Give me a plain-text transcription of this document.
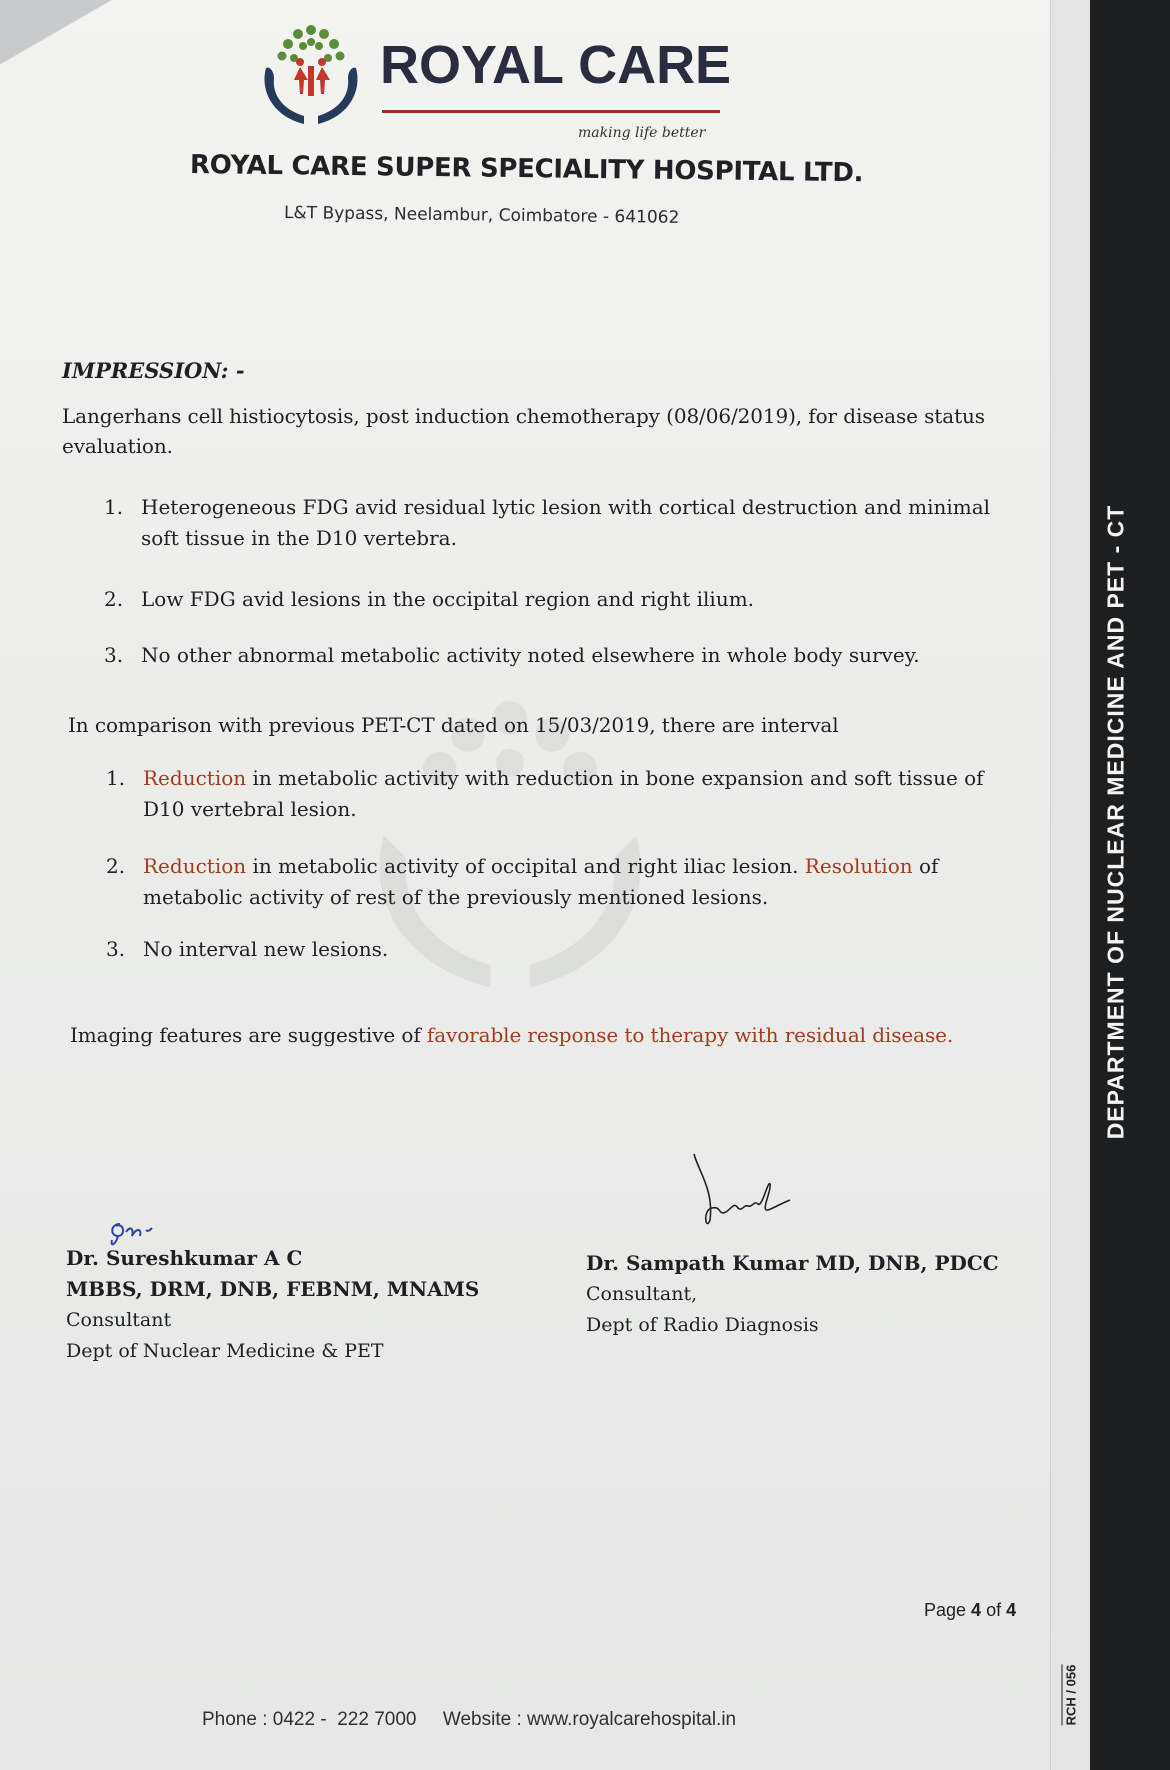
DEPARTMENT OF NUCLEAR MEDICINE AND PET - CT
RCH / 056
ROYAL CARE
making life better
ROYAL CARE SUPER SPECIALITY HOSPITAL LTD.
L&T Bypass, Neelambur, Coimbatore - 641062
IMPRESSION: -
Langerhans cell histiocytosis, post induction chemotherapy (08/06/2019), for disease status evaluation.
1. Heterogeneous FDG avid residual lytic lesion with cortical destruction and minimal soft tissue in the D10 vertebra.
2. Low FDG avid lesions in the occipital region and right ilium.
3. No other abnormal metabolic activity noted elsewhere in whole body survey.
In comparison with previous PET-CT dated on 15/03/2019, there are interval
1. Reduction in metabolic activity with reduction in bone expansion and soft tissue of D10 vertebral lesion.
2. Reduction in metabolic activity of occipital and right iliac lesion. Resolution of metabolic activity of rest of the previously mentioned lesions.
3. No interval new lesions.
Imaging features are suggestive of favorable response to therapy with residual disease.
Dr. Sureshkumar A C
MBBS, DRM, DNB, FEBNM, MNAMS
Consultant
Dept of Nuclear Medicine & PET
Dr. Sampath Kumar MD, DNB, PDCC
Consultant,
Dept of Radio Diagnosis
Page 4 of 4
Phone : 0422 -  222 7000 Website : www.royalcarehospital.in
